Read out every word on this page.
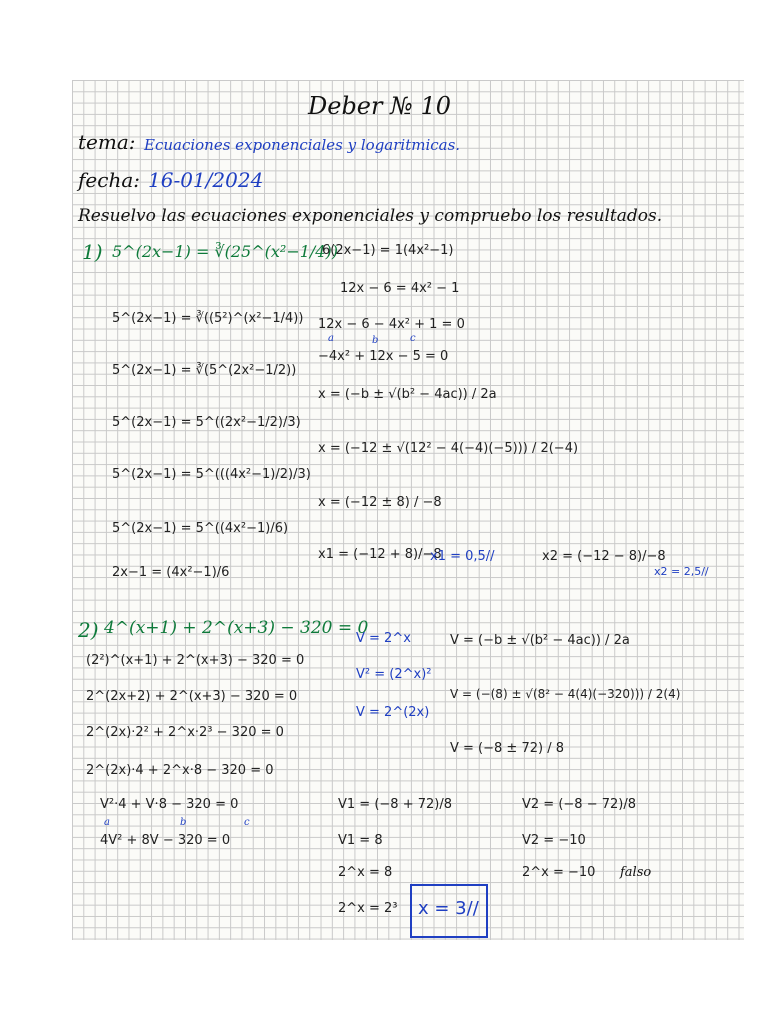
Deber № 10
tema: Ecuaciones exponenciales y logaritmicas.
fecha: 16-01/2024
Resuelvo las ecuaciones exponenciales y compruebo los resultados.
1) 5^(2x−1) = ∛(25^(x²−1/4))
5^(2x−1) = ∛((5²)^(x²−1/4))
5^(2x−1) = ∛(5^(2x²−1/2))
5^(2x−1) = 5^((2x²−1/2)/3)
5^(2x−1) = 5^(((4x²−1)/2)/3)
5^(2x−1) = 5^((4x²−1)/6)
2x−1 = (4x²−1)/6
6(2x−1) = 1(4x²−1)
12x − 6 = 4x² − 1
12x − 6 − 4x² + 1 = 0
a	b	c
−4x² + 12x − 5 = 0
x = (−b ± √(b² − 4ac)) / 2a
x = (−12 ± √(12² − 4(−4)(−5))) / 2(−4)
x = (−12 ± 8) / −8
x1 = (−12 + 8)/−8
x1 = 0,5//	x2 = (−12 − 8)/−8
x2 = 2,5//
2) 4^(x+1) + 2^(x+3) − 320 = 0
(2²)^(x+1) + 2^(x+3) − 320 = 0
2^(2x+2) + 2^(x+3) − 320 = 0
2^(2x)·2² + 2^x·2³ − 320 = 0
2^(2x)·4 + 2^x·8 − 320 = 0
V²·4 + V·8 − 320 = 0
a	b	c
4V² + 8V − 320 = 0
V = 2^x
V² = (2^x)²
V = 2^(2x)
V = (−b ± √(b² − 4ac)) / 2a
V = (−(8) ± √(8² − 4(4)(−320))) / 2(4)
V = (−8 ± 72) / 8
V1 = (−8 + 72)/8
V1 = 8
2^x = 8
2^x = 2³
V2 = (−8 − 72)/8
V2 = −10
2^x = −10 falso
x = 3//
